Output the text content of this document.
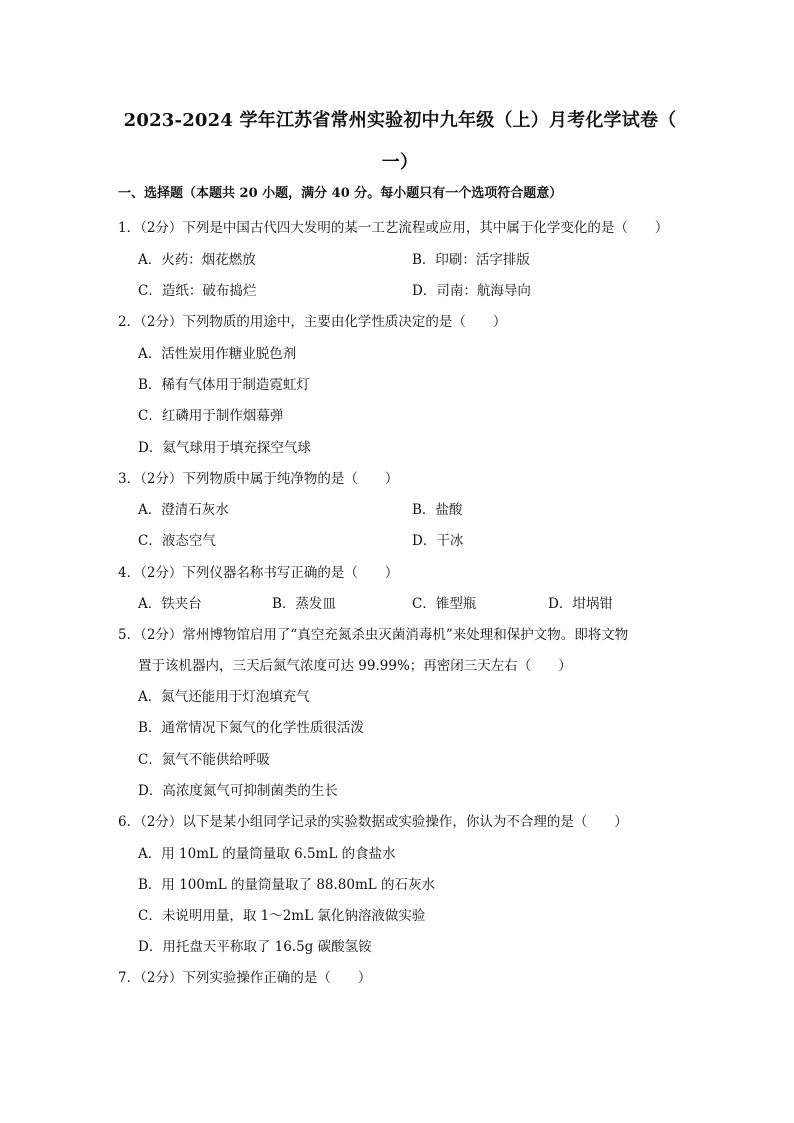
2023-2024 学年江苏省常州实验初中九年级（上）月考化学试卷（
一）
一、选择题（本题共 20 小题，满分 40 分。每小题只有一个选项符合题意）
1．（2分）下列是中国古代四大发明的某一工艺流程或应用，其中属于化学变化的是（　　）
A．火药：烟花燃放	B．印刷：活字排版
C．造纸：破布捣烂	D．司南：航海导向
2．（2分）下列物质的用途中，主要由化学性质决定的是（　　）
A．活性炭用作糖业脱色剂
B．稀有气体用于制造霓虹灯
C．红磷用于制作烟幕弹
D．氦气球用于填充探空气球
3．（2分）下列物质中属于纯净物的是（　　）
A．澄清石灰水	B．盐酸
C．液态空气	D．干冰
4．（2分）下列仪器名称书写正确的是（　　）
A．铁夹台	B．蒸发皿	C．锥型瓶	D．坩埚钳
5．（2分）常州博物馆启用了“真空充氮杀虫灭菌消毒机”来处理和保护文物。即将文物
置于该机器内，三天后氮气浓度可达 99.99%；再密闭三天左右（　　）
A．氮气还能用于灯泡填充气
B．通常情况下氮气的化学性质很活泼
C．氮气不能供给呼吸
D．高浓度氮气可抑制菌类的生长
6．（2分）以下是某小组同学记录的实验数据或实验操作，你认为不合理的是（　　）
A．用 10mL 的量筒量取 6.5mL 的食盐水
B．用 100mL 的量筒量取了 88.80mL 的石灰水
C．未说明用量，取 1～2mL 氯化钠溶液做实验
D．用托盘天平称取了 16.5g 碳酸氢铵
7．（2分）下列实验操作正确的是（　　）
